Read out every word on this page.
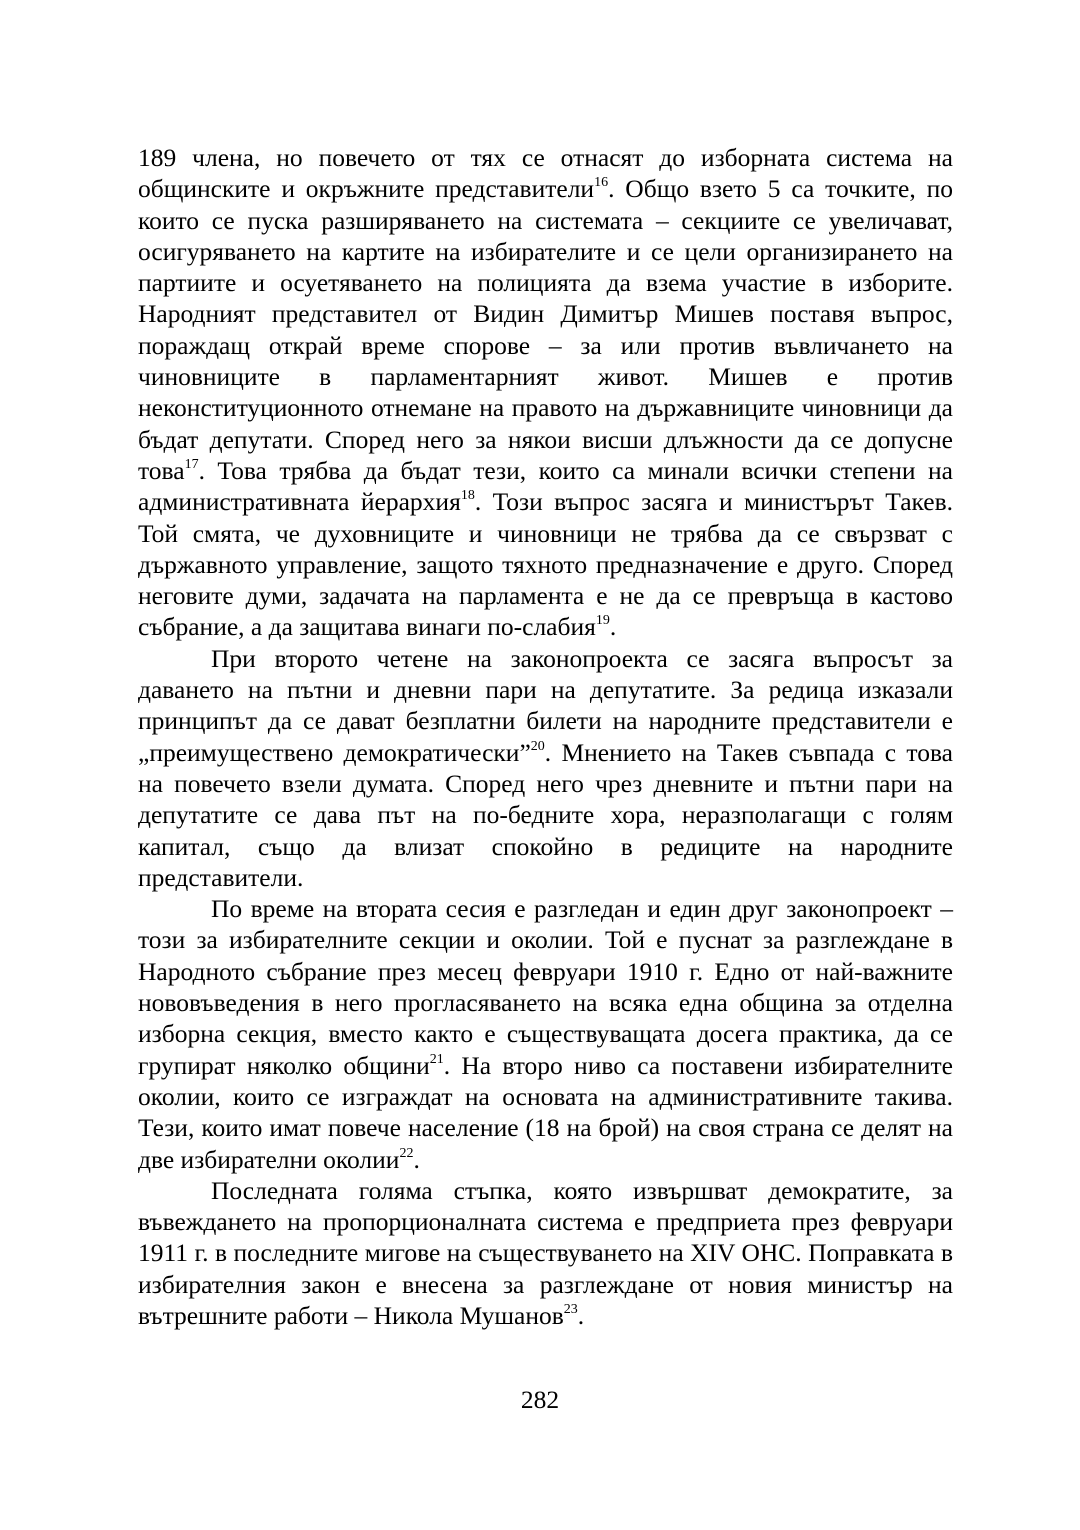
189 члена, но повечето от тях се отнасят до изборната система на общинските и окръжните представители$^{16}$. Общо взето 5 са точките, по които се пуска разширяването на системата – секциите се увеличават, осигуряването на картите на избирателите и се цели организирането на партиите и осуетяването на полицията да взема участие в изборите. Народният представител от Видин Димитър Мишев поставя въпрос, пораждащ открай време спорове – за или против въвличането на чиновниците в парламентарният живот. Мишев е против неконституционното отнемане на правото на държавниците чиновници да бъдат депутати. Според него за някои висши длъжности да се допусне това$^{17}$. Това трябва да бъдат тези, които са минали всички степени на административната йерархия$^{18}$. Този въпрос засяга и министърът Такев. Той смята, че духовниците и чиновници не трябва да се свързват с държавното управление, защото тяхното предназначение е друго. Според неговите думи, задачата на парламента е не да се превръща в кастово събрание, а да защитава винаги по-слабия$^{19}$.

При второто четене на законопроекта се засяга въпросът за даването на пътни и дневни пари на депутатите. За редица изказали принципът да се дават безплатни билети на народните представители е „преимуществено демократически”$^{20}$. Мнението на Такев съвпада с това на повечето взели думата. Според него чрез дневните и пътни пари на депутатите се дава път на по-бедните хора, неразполагащи с голям капитал, също да влизат спокойно в редиците на народните представители.

По време на втората сесия е разгледан и един друг законопроект – този за избирателните секции и околии. Той е пуснат за разглеждане в Народното събрание през месец февруари 1910 г. Едно от най-важните нововъведения в него прогласяването на всяка една община за отделна изборна секция, вместо както е съществуващата досега практика, да се групират няколко общини$^{21}$. На второ ниво са поставени избирателните околии, които се изграждат на основата на административните такива. Тези, които имат повече население (18 на брой) на своя страна се делят на две избирателни околии$^{22}$.

Последната голяма стъпка, която извършват демократите, за въвеждането на пропорционалната система е предприета през февруари 1911 г. в последните мигове на съществуването на XIV ОНС. Поправката в избирателния закон е внесена за разглеждане от новия министър на вътрешните работи – Никола Мушанов$^{23}$.

282
